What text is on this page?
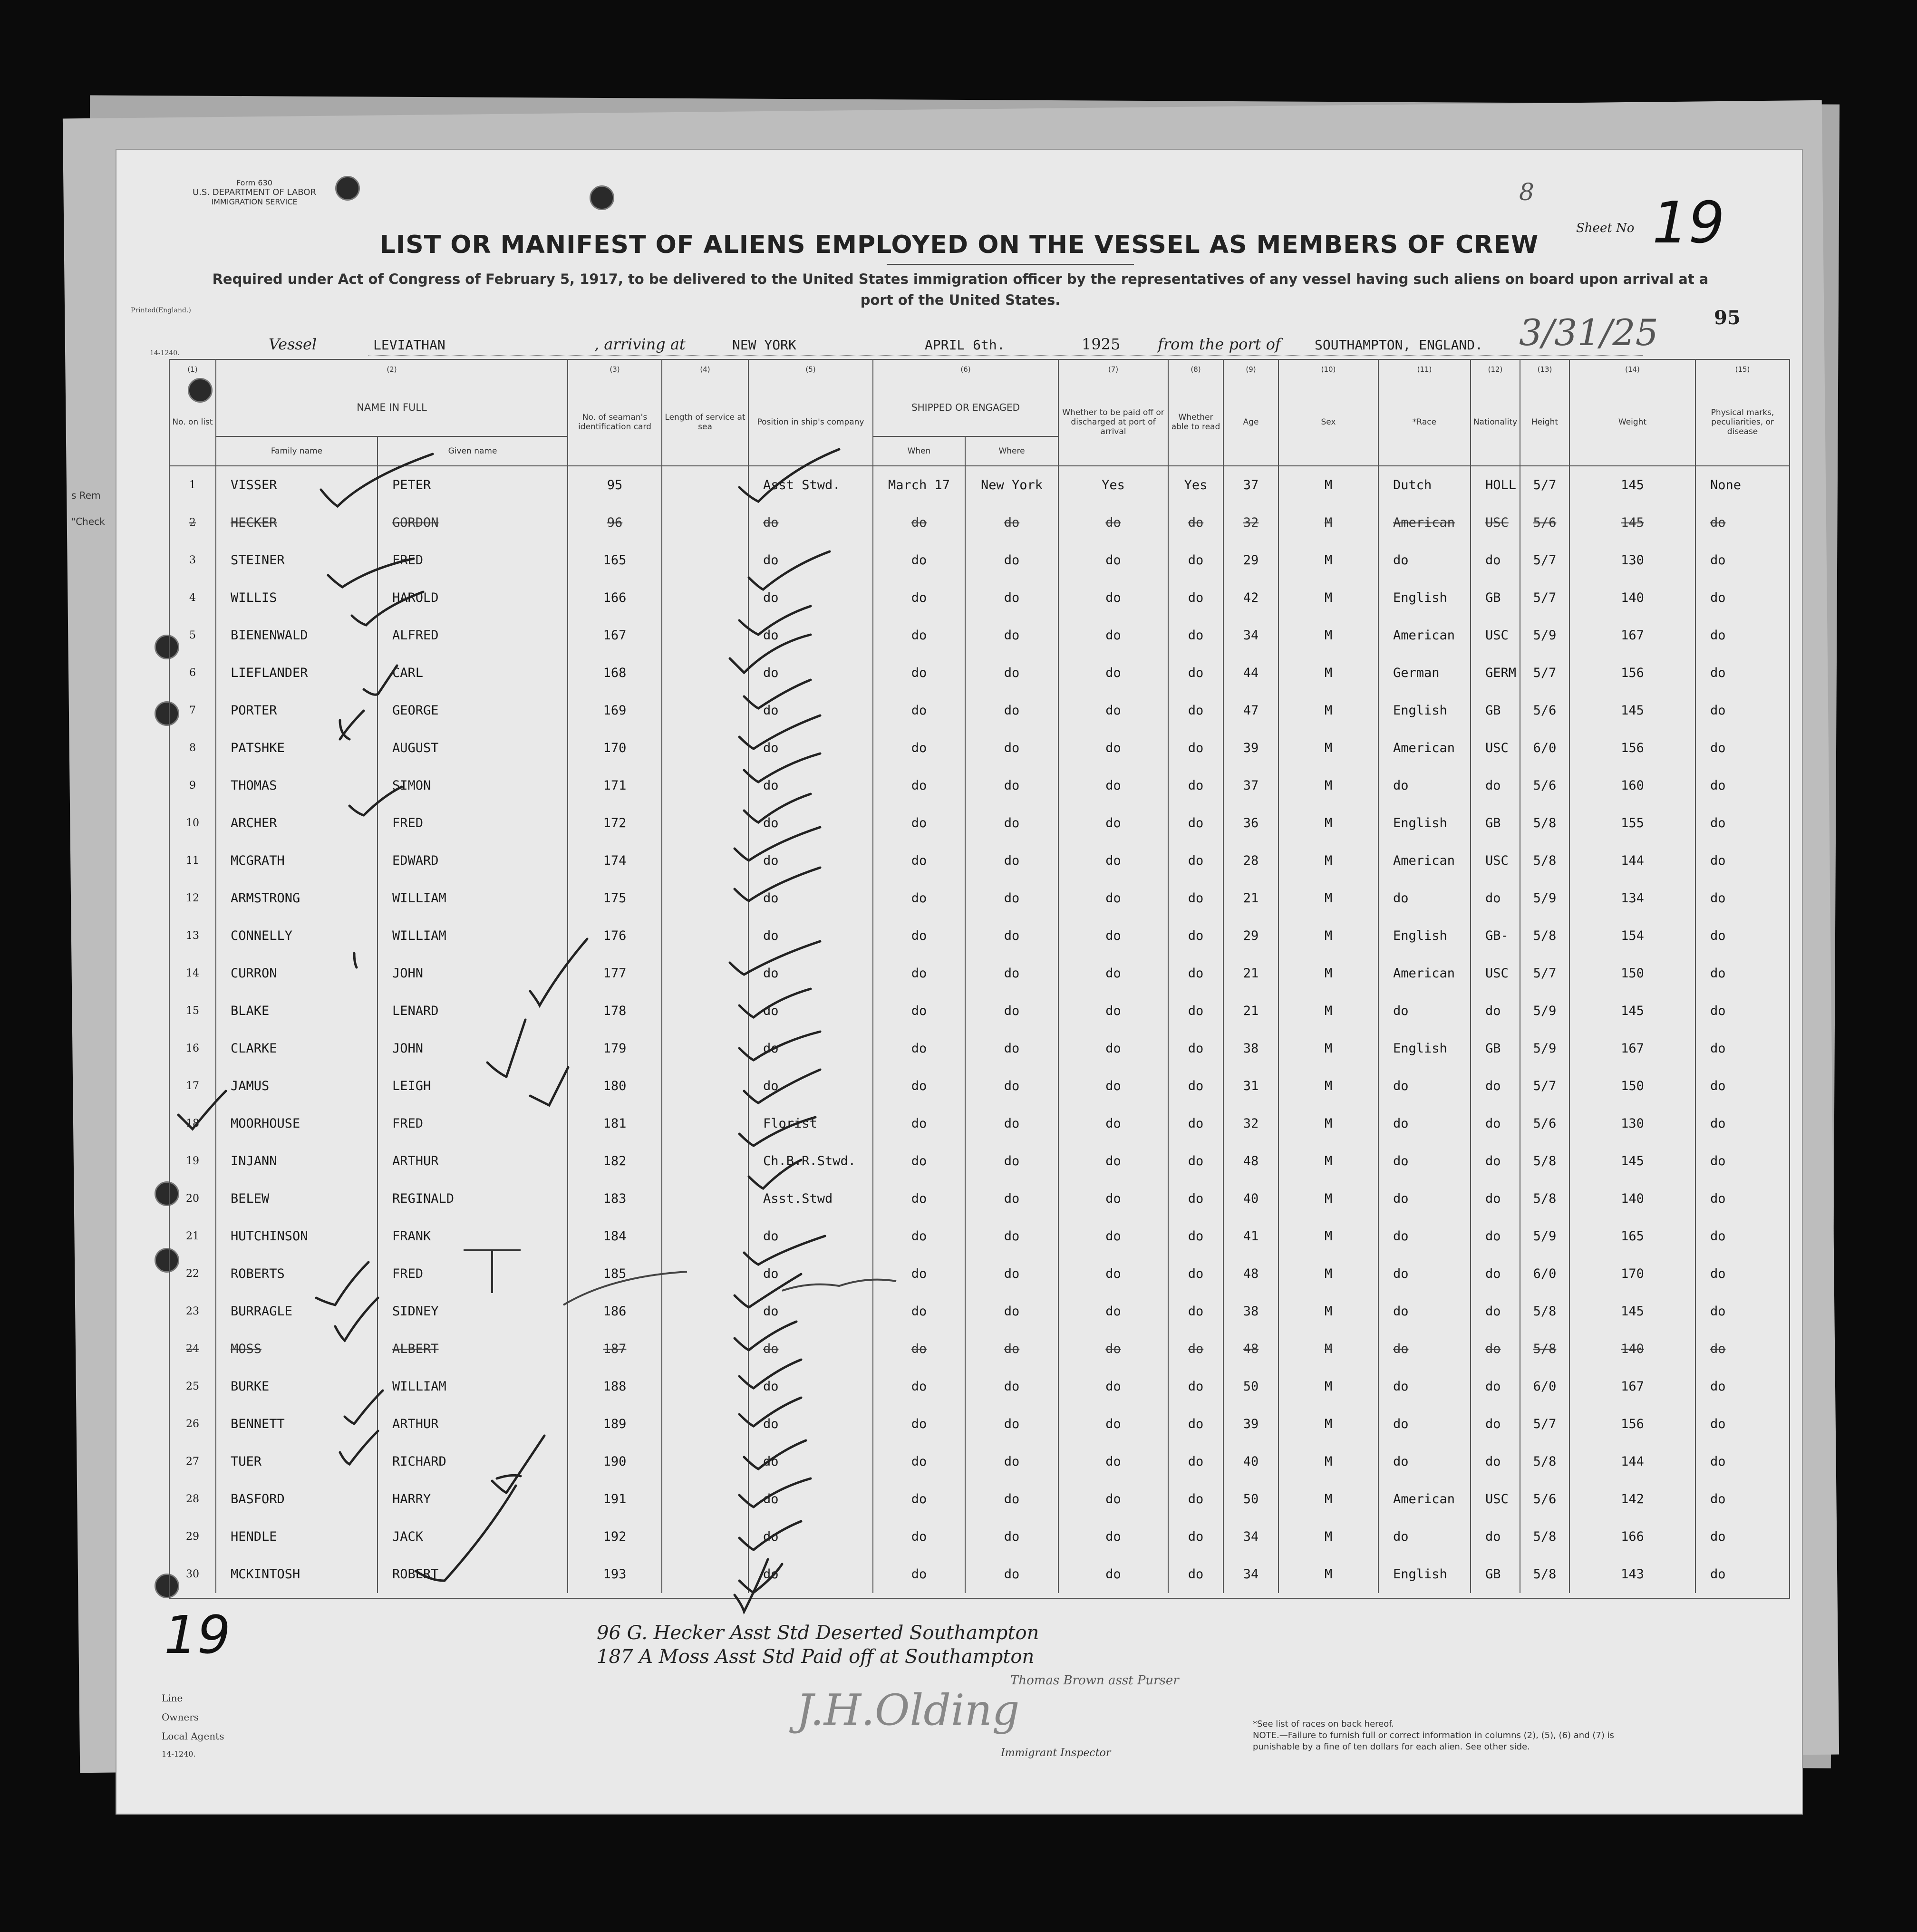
s Rem
"Check
Form 630
U.S. DEPARTMENT OF LABOR
IMMIGRATION SERVICE
Printed(England.)
14-1240.
8
Sheet No 19
LIST OR MANIFEST OF ALIENS EMPLOYED ON THE VESSEL AS MEMBERS OF CREW
Required under Act of Congress of February 5, 1917, to be delivered to the United States immigration officer by the representatives of any vessel having such aliens on board upon arrival at a port of the United States.
95
Vessel	LEVIATHAN	, arriving at	NEW YORK	APRIL 6th.	1925 from the port of	SOUTHAMPTON, ENGLAND. 3/31/25
(1)	(2)		(3)	(4)	(5)	(6)		(7)	(8)	(9)	(10)	(11)	(12)	(13)	(14)	(15)
No. on list	NAME IN FULL		No. of seaman's identification card	Length of service at sea	Position in ship's company	SHIPPED OR ENGAGED		Whether to be paid off or discharged at port of arrival	Whether able to read	Age	Sex	*Race	Nationality	Height	Weight	Physical marks, peculiarities, or disease
	Family name	Given name				When	Where									
1	VISSER	PETER	95		Asst Stwd.	March 17	New York	Yes	Yes	37	M	Dutch	HOLL	5/7	145	None
2	HECKER	GORDON	96		do	do	do	do	do	32	M	American	USC	5/6	145	do
3	STEINER	FRED	165		do	do	do	do	do	29	M	do	do	5/7	130	do
4	WILLIS	HAROLD	166		do	do	do	do	do	42	M	English	GB	5/7	140	do
5	BIENENWALD	ALFRED	167		do	do	do	do	do	34	M	American	USC	5/9	167	do
6	LIEFLANDER	CARL	168		do	do	do	do	do	44	M	German	GERM	5/7	156	do
7	PORTER	GEORGE	169		do	do	do	do	do	47	M	English	GB	5/6	145	do
8	PATSHKE	AUGUST	170		do	do	do	do	do	39	M	American	USC	6/0	156	do
9	THOMAS	SIMON	171		do	do	do	do	do	37	M	do	do	5/6	160	do
10	ARCHER	FRED	172		do	do	do	do	do	36	M	English	GB	5/8	155	do
11	MCGRATH	EDWARD	174		do	do	do	do	do	28	M	American	USC	5/8	144	do
12	ARMSTRONG	WILLIAM	175		do	do	do	do	do	21	M	do	do	5/9	134	do
13	CONNELLY	WILLIAM	176		do	do	do	do	do	29	M	English	GB-	5/8	154	do
14	CURRON	JOHN	177		do	do	do	do	do	21	M	American	USC	5/7	150	do
15	BLAKE	LENARD	178		do	do	do	do	do	21	M	do	do	5/9	145	do
16	CLARKE	JOHN	179		do	do	do	do	do	38	M	English	GB	5/9	167	do
17	JAMUS	LEIGH	180		do	do	do	do	do	31	M	do	do	5/7	150	do
18	MOORHOUSE	FRED	181		Florist	do	do	do	do	32	M	do	do	5/6	130	do
19	INJANN	ARTHUR	182		Ch.B.R.Stwd.	do	do	do	do	48	M	do	do	5/8	145	do
20	BELEW	REGINALD	183		Asst.Stwd	do	do	do	do	40	M	do	do	5/8	140	do
21	HUTCHINSON	FRANK	184		do	do	do	do	do	41	M	do	do	5/9	165	do
22	ROBERTS	FRED	185		do	do	do	do	do	48	M	do	do	6/0	170	do
23	BURRAGLE	SIDNEY	186		do	do	do	do	do	38	M	do	do	5/8	145	do
24	MOSS	ALBERT	187		do	do	do	do	do	48	M	do	do	5/8	140	do
25	BURKE	WILLIAM	188		do	do	do	do	do	50	M	do	do	6/0	167	do
26	BENNETT	ARTHUR	189		do	do	do	do	do	39	M	do	do	5/7	156	do
27	TUER	RICHARD	190		do	do	do	do	do	40	M	do	do	5/8	144	do
28	BASFORD	HARRY	191		do	do	do	do	do	50	M	American	USC	5/6	142	do
29	HENDLE	JACK	192		do	do	do	do	do	34	M	do	do	5/8	166	do
30	MCKINTOSH	ROBERT	193		do	do	do	do	do	34	M	English	GB	5/8	143	do

19	96 G. Hecker Asst Std Deserted Southampton
187 A Moss Asst Std Paid off at Southampton
Thomas Brown asst Purser
Line
Owners
Local Agents
14-1240.
J.H.Olding
Immigrant Inspector
*See list of races on back hereof.
NOTE.—Failure to furnish full or correct information in columns (2), (5), (6) and (7) is punishable by a fine of ten dollars for each alien. See other side.
